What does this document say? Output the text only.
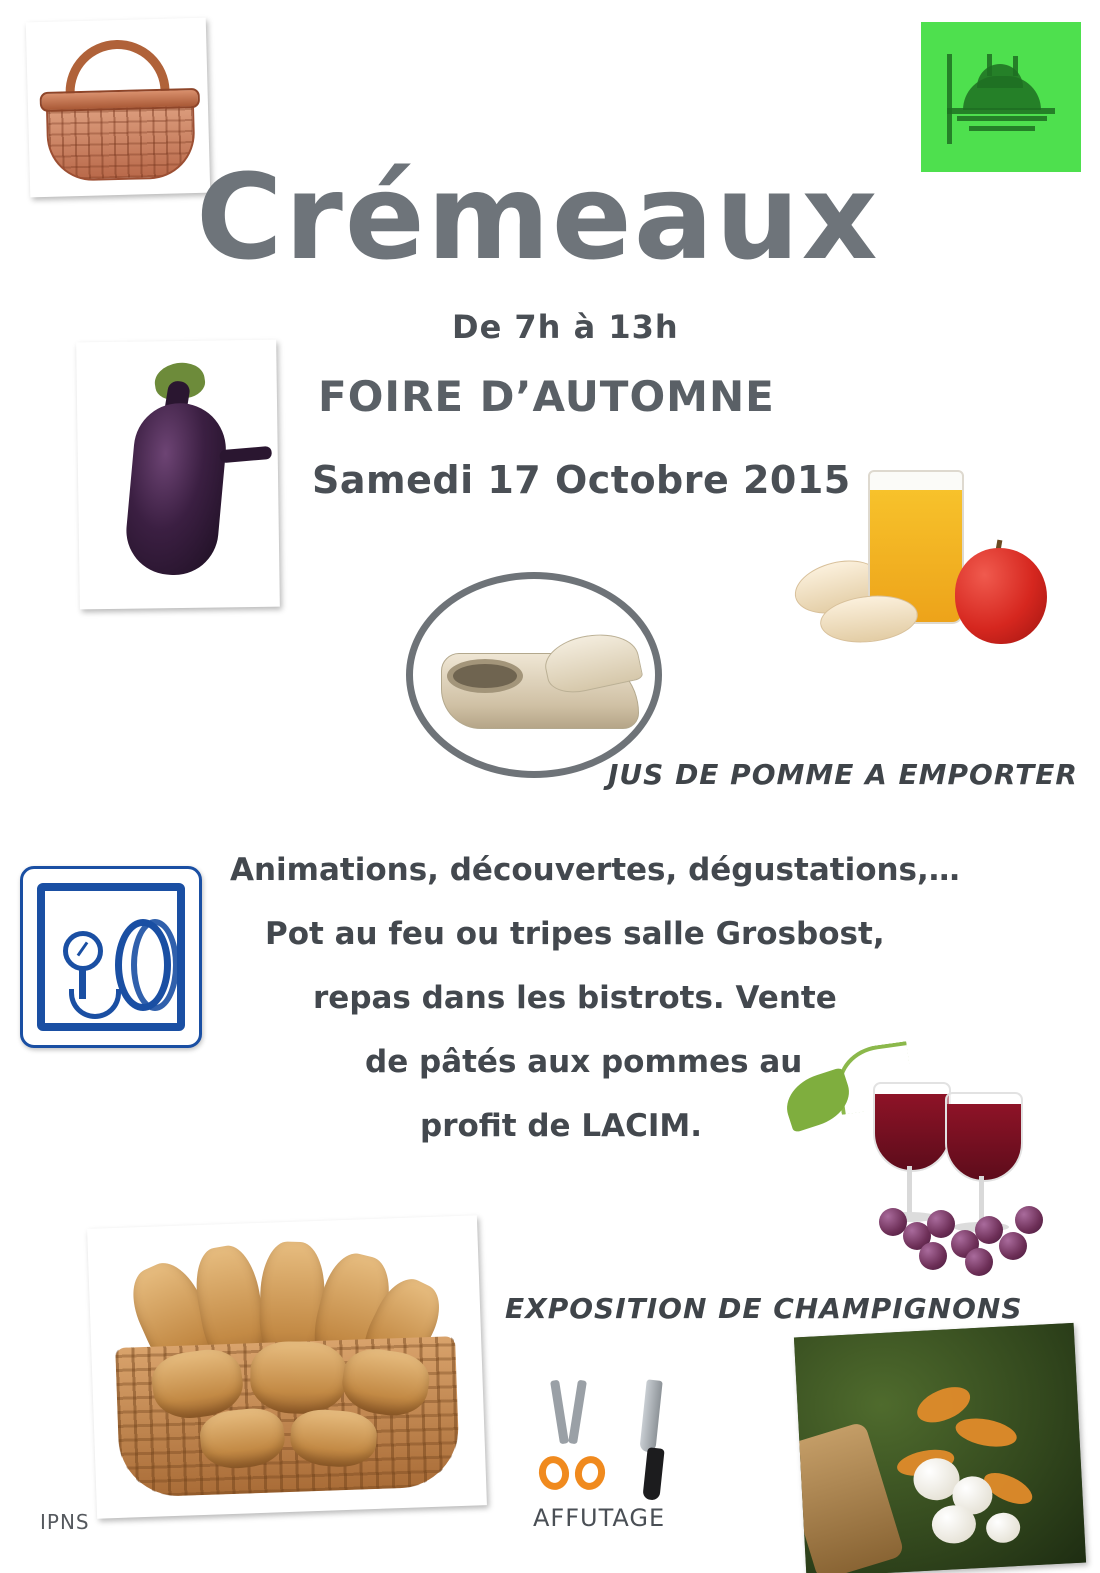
Crémeaux
De 7h à 13h
FOIRE D’AUTOMNE
Samedi 17 Octobre 2015
JUS DE POMME A EMPORTER
Animations, découvertes, dégustations,…
Pot au feu ou tripes salle Grosbost,
repas dans les bistrots. Vente
de pâtés aux pommes au
profit de LACIM.
EXPOSITION DE CHAMPIGNONS
AFFUTAGE
IPNS
